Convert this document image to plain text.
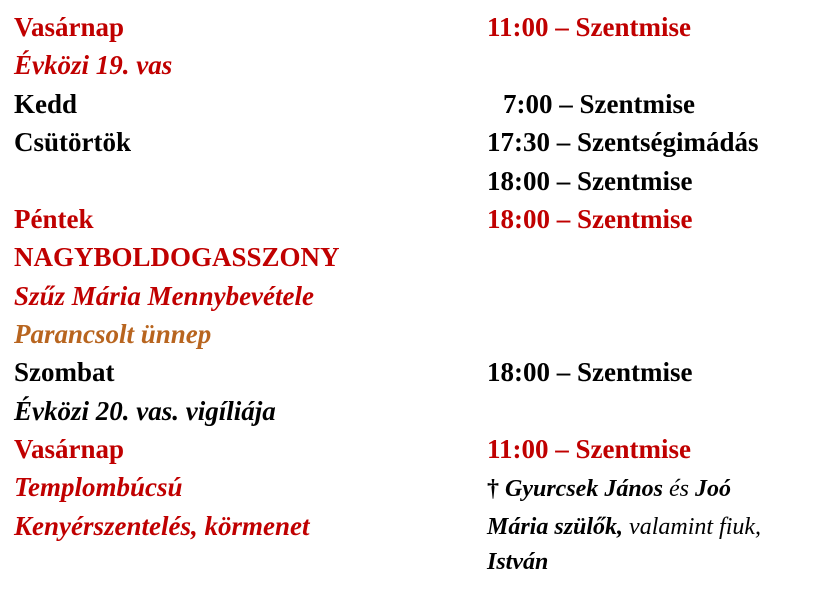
Vasárnap
Évközi 19. vas
Kedd
Csütörtök
Péntek
NAGYBOLDOGASSZONY
Szűz Mária Mennybevétele
Parancsolt ünnep
Szombat
Évközi 20. vas. vigíliája
Vasárnap
Templombúcsú
Kenyérszentelés, körmenet
11:00 – Szentmise
7:00 – Szentmise
17:30 – Szentségimádás
18:00 – Szentmise
18:00 – Szentmise
18:00 – Szentmise
11:00 – Szentmise
† Gyurcsek János és Joó
Mária szülők, valamint fiuk,
István
